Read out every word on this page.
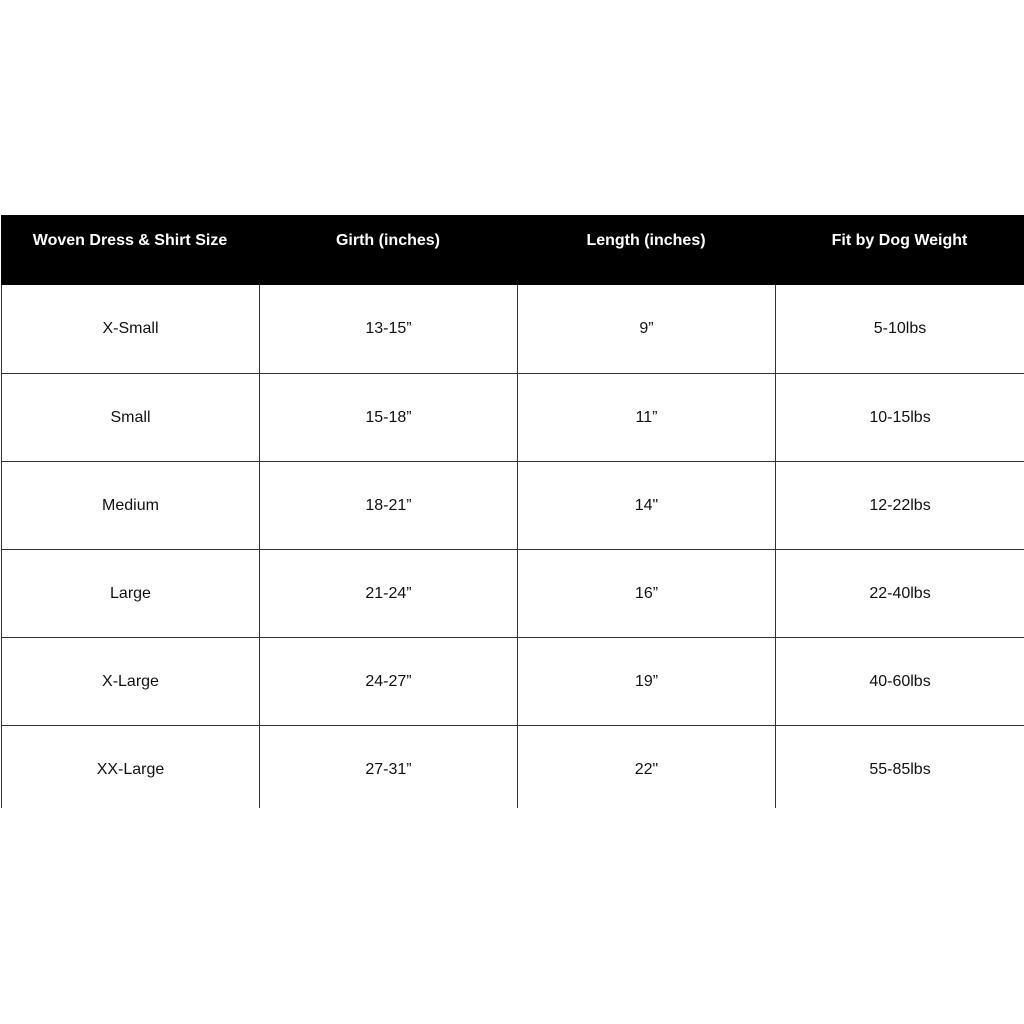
Woven Dress & Shirt Size	Girth (inches)	Length (inches)	Fit by Dog Weight
X-Small	13-15”	9”	5-10lbs
Small	15-18”	11”	10-15lbs
Medium	18-21”	14"	12-22lbs
Large	21-24”	16”	22-40lbs
X-Large	24-27”	19”	40-60lbs
XX-Large	27-31”	22"	55-85lbs
